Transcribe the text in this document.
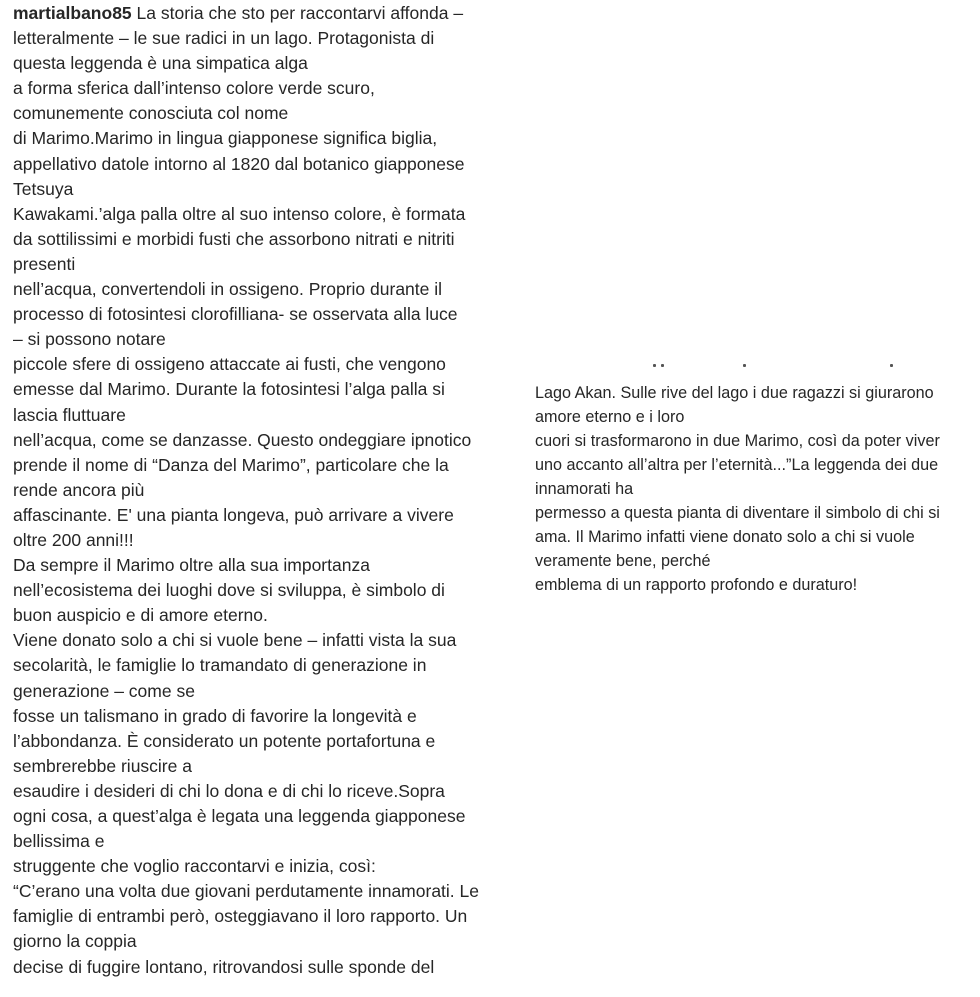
martialbano85 La storia che sto per raccontarvi affonda –
letteralmente – le sue radici in un lago. Protagonista di
questa leggenda è una simpatica alga
a forma sferica dall’intenso colore verde scuro,
comunemente conosciuta col nome
di Marimo.Marimo in lingua giapponese significa biglia,
appellativo datole intorno al 1820 dal botanico giapponese
Tetsuya
Kawakami.’alga palla oltre al suo intenso colore, è formata
da sottilissimi e morbidi fusti che assorbono nitrati e nitriti
presenti
nell’acqua, convertendoli in ossigeno. Proprio durante il
processo di fotosintesi clorofilliana- se osservata alla luce
– si possono notare
piccole sfere di ossigeno attaccate ai fusti, che vengono
emesse dal Marimo. Durante la fotosintesi l’alga palla si
lascia fluttuare
nell’acqua, come se danzasse. Questo ondeggiare ipnotico
prende il nome di “Danza del Marimo”, particolare che la
rende ancora più
affascinante. E' una pianta longeva, può arrivare a vivere
oltre 200 anni!!!
Da sempre il Marimo oltre alla sua importanza
nell’ecosistema dei luoghi dove si sviluppa, è simbolo di
buon auspicio e di amore eterno.
Viene donato solo a chi si vuole bene – infatti vista la sua
secolarità, le famiglie lo tramandato di generazione in
generazione – come se
fosse un talismano in grado di favorire la longevità e
l’abbondanza. È considerato un potente portafortuna e
sembrerebbe riuscire a
esaudire i desideri di chi lo dona e di chi lo riceve.Sopra
ogni cosa, a quest’alga è legata una leggenda giapponese
bellissima e
struggente che voglio raccontarvi e inizia, così:
“C’erano una volta due giovani perdutamente innamorati. Le
famiglie di entrambi però, osteggiavano il loro rapporto. Un
giorno la coppia
decise di fuggire lontano, ritrovandosi sulle sponde del
Lago Akan. Sulle rive del lago i due ragazzi si giurarono
amore eterno e i loro
cuori si trasformarono in due Marimo, così da poter viver
uno accanto all’altra per l’eternità...”La leggenda dei due
innamorati ha
permesso a questa pianta di diventare il simbolo di chi si
ama. Il Marimo infatti viene donato solo a chi si vuole
veramente bene, perché
emblema di un rapporto profondo e duraturo!
